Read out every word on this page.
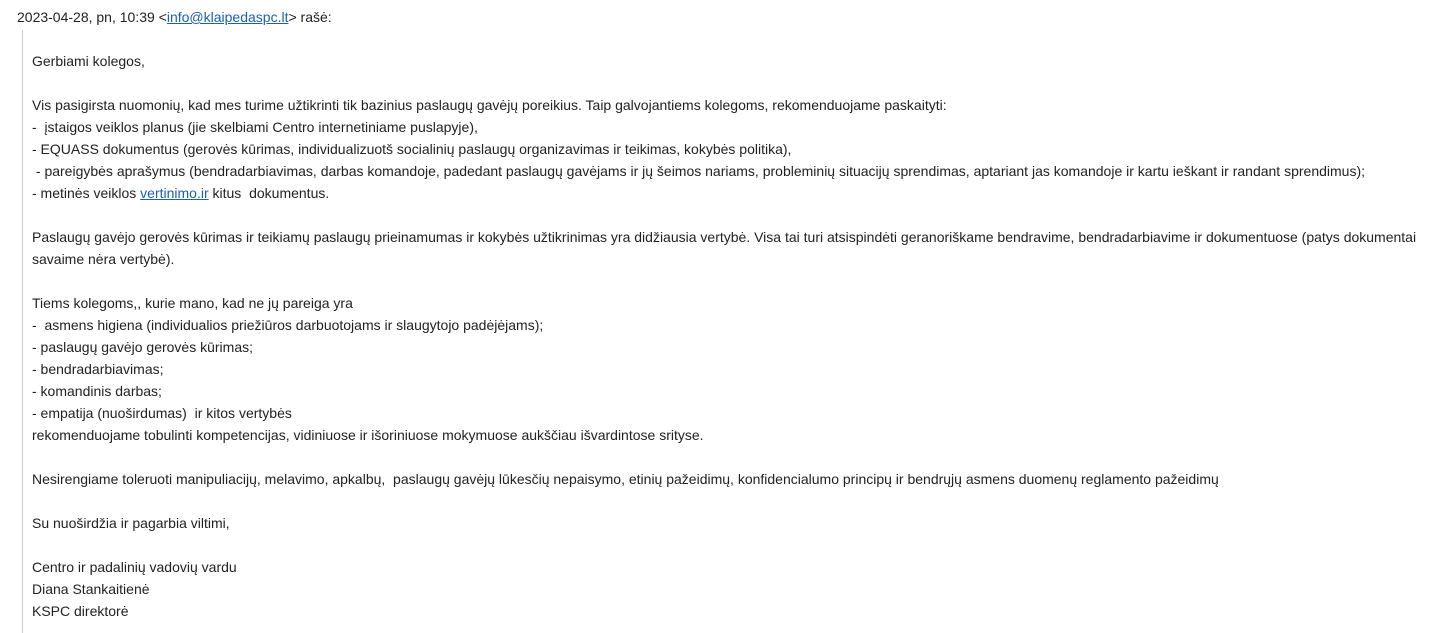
2023-04-28, pn, 10:39 <info@klaipedaspc.lt> rašė:
Gerbiami kolegos,
Vis pasigirsta nuomonių, kad mes turime užtikrinti tik bazinius paslaugų gavėjų poreikius. Taip galvojantiems kolegoms, rekomenduojame paskaityti:
-  įstaigos veiklos planus (jie skelbiami Centro internetiniame puslapyje),
- EQUASS dokumentus (gerovės kūrimas, individualizuotš socialinių paslaugų organizavimas ir teikimas, kokybės politika),
- pareigybės aprašymus (bendradarbiavimas, darbas komandoje, padedant paslaugų gavėjams ir jų šeimos nariams, probleminių situacijų sprendimas, aptariant jas komandoje ir kartu ieškant ir randant sprendimus);
- metinės veiklos vertinimo.ir kitus  dokumentus.
Paslaugų gavėjo gerovės kūrimas ir teikiamų paslaugų prieinamumas ir kokybės užtikrinimas yra didžiausia vertybė. Visa tai turi atsispindėti geranoriškame bendravime, bendradarbiavime ir dokumentuose (patys dokumentai savaime nėra vertybė).
Tiems kolegoms,, kurie mano, kad ne jų pareiga yra
-  asmens higiena (individualios priežiūros darbuotojams ir slaugytojo padėjėjams);
- paslaugų gavėjo gerovės kūrimas;
- bendradarbiavimas;
- komandinis darbas;
- empatija (nuoširdumas)  ir kitos vertybės
rekomenduojame tobulinti kompetencijas, vidiniuose ir išoriniuose mokymuose aukščiau išvardintose srityse.
Nesirengiame toleruoti manipuliacijų, melavimo, apkalbų,  paslaugų gavėjų lūkesčių nepaisymo, etinių pažeidimų, konfidencialumo principų ir bendrųjų asmens duomenų reglamento pažeidimų
Su nuoširdžia ir pagarbia viltimi,
Centro ir padalinių vadovių vardu
Diana Stankaitienė
KSPC direktorė
